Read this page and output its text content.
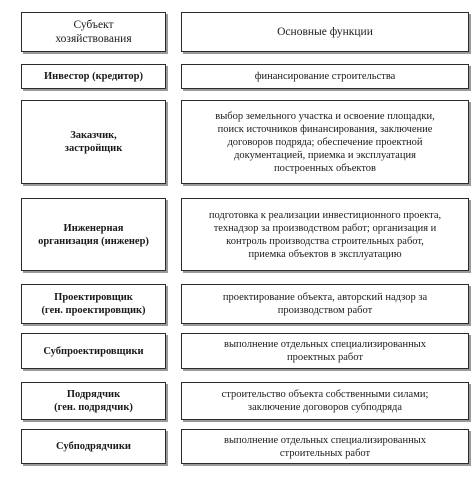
Субъект
хозяйствования
Основные функции
Инвестор (кредитор)	финансирование строительства
Заказчик,
застройщик
выбор земельного участка и освоение площадки,
поиск источников финансирования, заключение
договоров подряда; обеспечение проектной
документацией, приемка и эксплуатация
построенных объектов
Инженерная
организация (инженер)
подготовка к реализации инвестиционного проекта,
технадзор за производством работ; организация и
контроль производства строительных работ,
приемка объектов в эксплуатацию
Проектировщик
(ген. проектировщик)
проектирование объекта, авторский надзор за
производством работ
Субпроектировщики
выполнение отдельных специализированных
проектных работ
Подрядчик
(ген. подрядчик)
строительство объекта собственными силами;
заключение договоров субподряда
Субподрядчики
выполнение отдельных специализированных
строительных работ
